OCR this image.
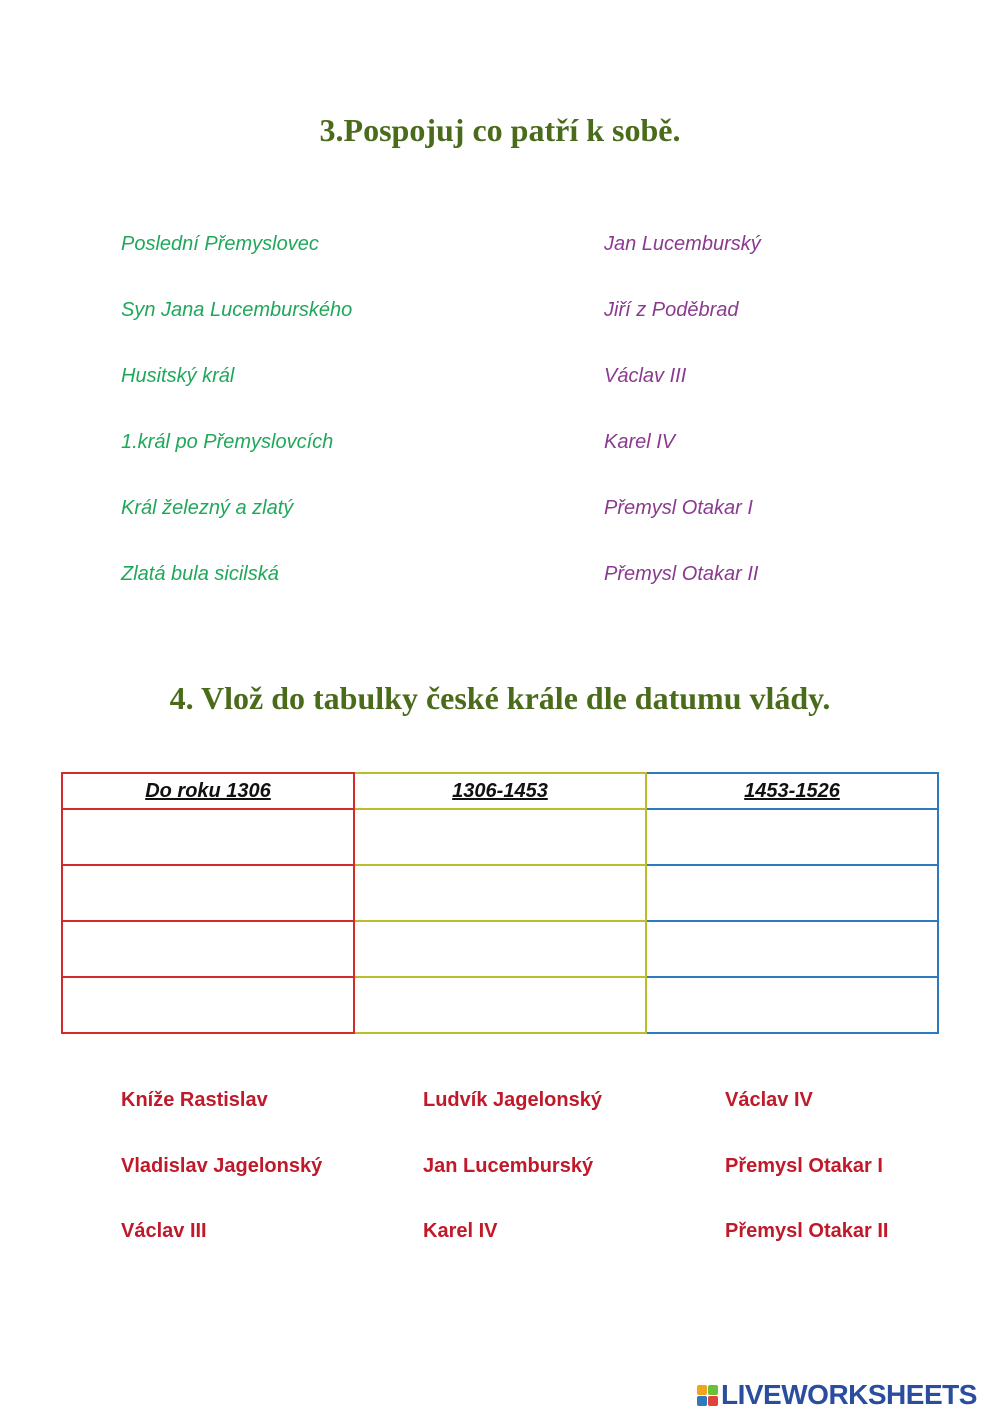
3.Pospojuj co patří k sobě.
Poslední Přemyslovec
Syn Jana Lucemburského
Husitský král
1.král po Přemyslovcích
Král železný a zlatý
Zlatá bula sicilská
Jan Lucemburský
Jiří z Poděbrad
Václav III
Karel IV
Přemysl Otakar I
Přemysl Otakar II
4. Vlož do tabulky české krále dle datumu vlády.
Do roku 1306	1306-1453	1453-1526

Kníže Rastislav	Ludvík Jagelonský	Václav IV
Vladislav Jagelonský	Jan Lucemburský	Přemysl Otakar I
Václav III	Karel IV	Přemysl Otakar II
LIVEWORKSHEETS
